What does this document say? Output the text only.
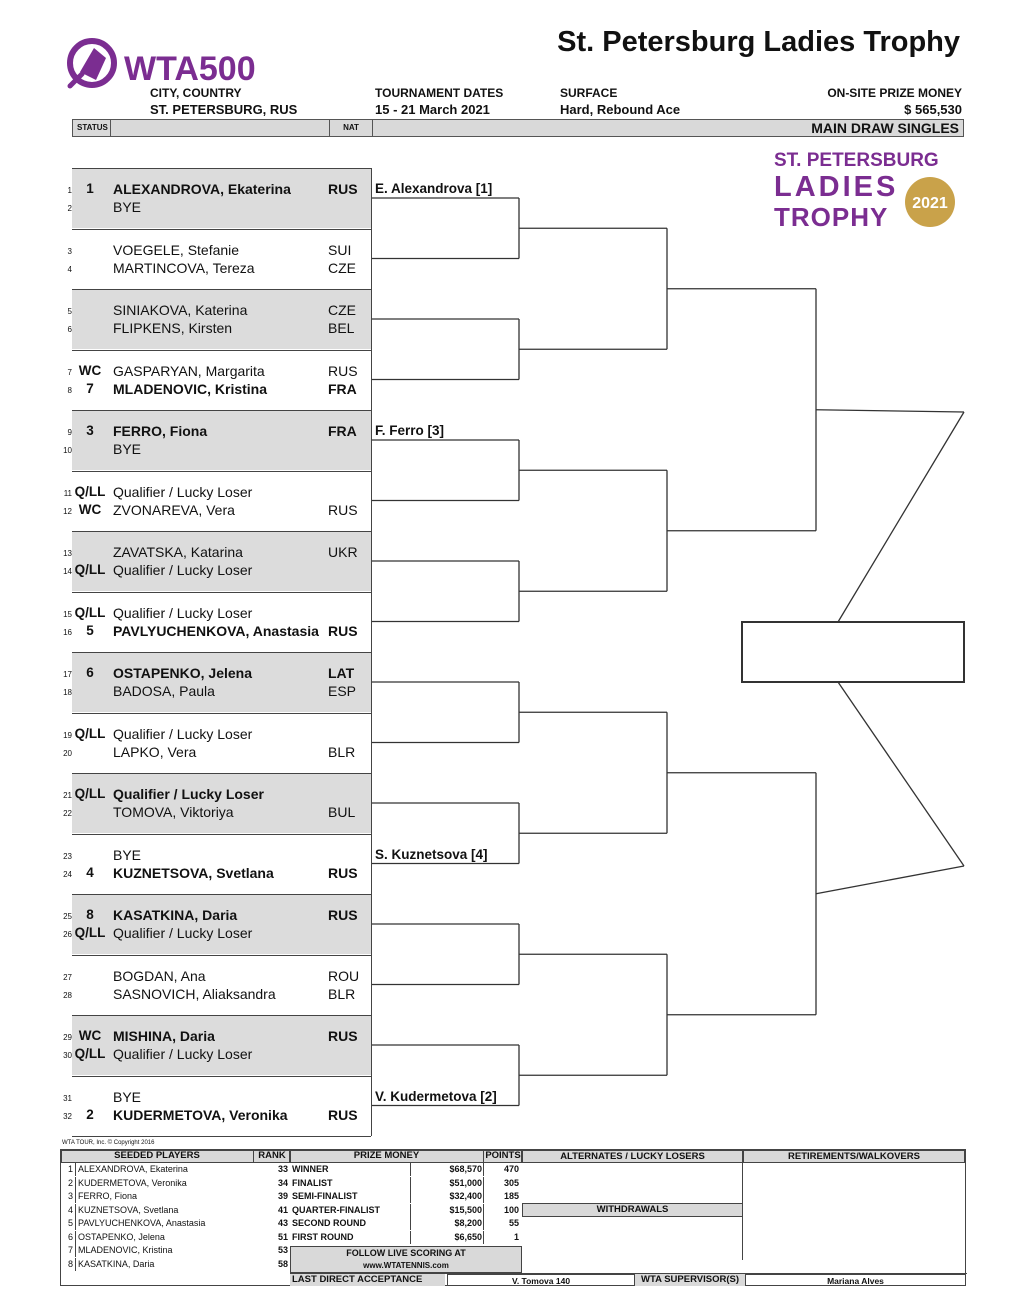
WTA500
St. Petersburg Ladies Trophy
CITY, COUNTRY
ST. PETERSBURG, RUS
TOURNAMENT DATES
15 - 21 March 2021
SURFACE
Hard, Rebound Ace
ON-SITE PRIZE MONEY
$ 565,530
STATUS	NAT	MAIN DRAW SINGLES
ST. PETERSBURG
LADIES
TROPHY 2021
1	1	ALEXANDROVA, Ekaterina	RUS
2	BYE
3	VOEGELE, Stefanie	SUI
4	MARTINCOVA, Tereza	CZE
5	SINIAKOVA, Katerina	CZE
6	FLIPKENS, Kirsten	BEL
7 WC GASPARYAN, Margarita	RUS
8	7	MLADENOVIC, Kristina	FRA
9	3	FERRO, Fiona	FRA
10	BYE
11 Q/LL Qualifier / Lucky Loser
12 WC ZVONAREVA, Vera	RUS
13	ZAVATSKA, Katarina	UKR
14 Q/LL Qualifier / Lucky Loser
15 Q/LL Qualifier / Lucky Loser
16	5	PAVLYUCHENKOVA, Anastasia RUS
17	6	OSTAPENKO, Jelena	LAT
18	BADOSA, Paula	ESP
19 Q/LL Qualifier / Lucky Loser
20	LAPKO, Vera	BLR
21 Q/LL Qualifier / Lucky Loser
22	TOMOVA, Viktoriya	BUL
23	BYE
24	4	KUZNETSOVA, Svetlana	RUS
25	8	KASATKINA, Daria	RUS
26 Q/LL Qualifier / Lucky Loser
27	BOGDAN, Ana	ROU
28	SASNOVICH, Aliaksandra	BLR
29 WC MISHINA, Daria	RUS
30 Q/LL Qualifier / Lucky Loser
31	BYE
32	2	KUDERMETOVA, Veronika	RUS
E. Alexandrova [1]
F. Ferro [3]
S. Kuznetsova [4]
V. Kudermetova [2]
WTA TOUR, Inc. © Copyright 2016
SEEDED PLAYERS	RANK
1 ALEXANDROVA, Ekaterina	33
2 KUDERMETOVA, Veronika	34
3 FERRO, Fiona	39
4 KUZNETSOVA, Svetlana	41
5 PAVLYUCHENKOVA, Anastasia	43
6 OSTAPENKO, Jelena	51
7 MLADENOVIC, Kristina	53
8 KASATKINA, Daria	58
PRIZE MONEY	POINTS
WINNER	$68,570	470
FINALIST	$51,000	305
SEMI-FINALIST	$32,400	185
QUARTER-FINALIST	$15,500	100
SECOND ROUND	$8,200	55
FIRST ROUND	$6,650	1
FOLLOW LIVE SCORING AT
www.WTATENNIS.com
ALTERNATES / LUCKY LOSERS
WITHDRAWALS
RETIREMENTS/WALKOVERS
LAST DIRECT ACCEPTANCE	V. Tomova 140	WTA SUPERVISOR(S)	Mariana Alves
